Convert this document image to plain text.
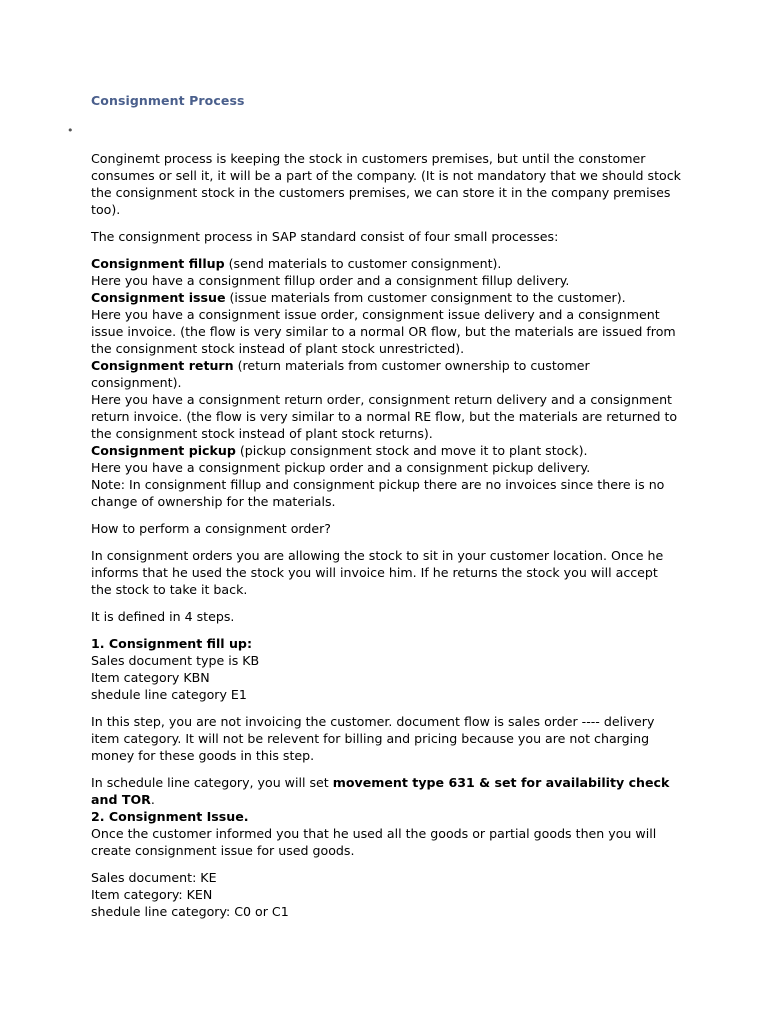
Consignment Process
•

Conginemt process is keeping the stock in customers premises, but until the constomer consumes or sell it, it will be a part of the company. (It is not mandatory that we should stock the consignment stock in the customers premises, we can store it in the company premises too).

The consignment process in SAP standard consist of four small processes:

Consignment fillup (send materials to customer consignment).
Here you have a consignment fillup order and a consignment fillup delivery.
Consignment issue (issue materials from customer consignment to the customer).
Here you have a consignment issue order, consignment issue delivery and a consignment issue invoice. (the flow is very similar to a normal OR flow, but the materials are issued from the consignment stock instead of plant stock unrestricted).
Consignment return (return materials from customer ownership to customer consignment).
Here you have a consignment return order, consignment return delivery and a consignment return invoice. (the flow is very similar to a normal RE flow, but the materials are returned to the consignment stock instead of plant stock returns).
Consignment pickup (pickup consignment stock and move it to plant stock).
Here you have a consignment pickup order and a consignment pickup delivery.
Note: In consignment fillup and consignment pickup there are no invoices since there is no change of ownership for the materials.

How to perform a consignment order?

In consignment orders you are allowing the stock to sit in your customer location. Once he informs that he used the stock you will invoice him. If he returns the stock you will accept the stock to take it back.

It is defined in 4 steps.

1. Consignment fill up:
Sales document type is KB
Item category KBN
shedule line category E1

In this step, you are not invoicing the customer. document flow is sales order ---- delivery item category. It will not be relevent for billing and pricing because you are not charging money for these goods in this step.

In schedule line category, you will set movement type 631 & set for availability check and TOR.
2. Consignment Issue.
Once the customer informed you that he used all the goods or partial goods then you will create consignment issue for used goods.
Sales document: KE
Item category: KEN
shedule line category: C0 or C1
